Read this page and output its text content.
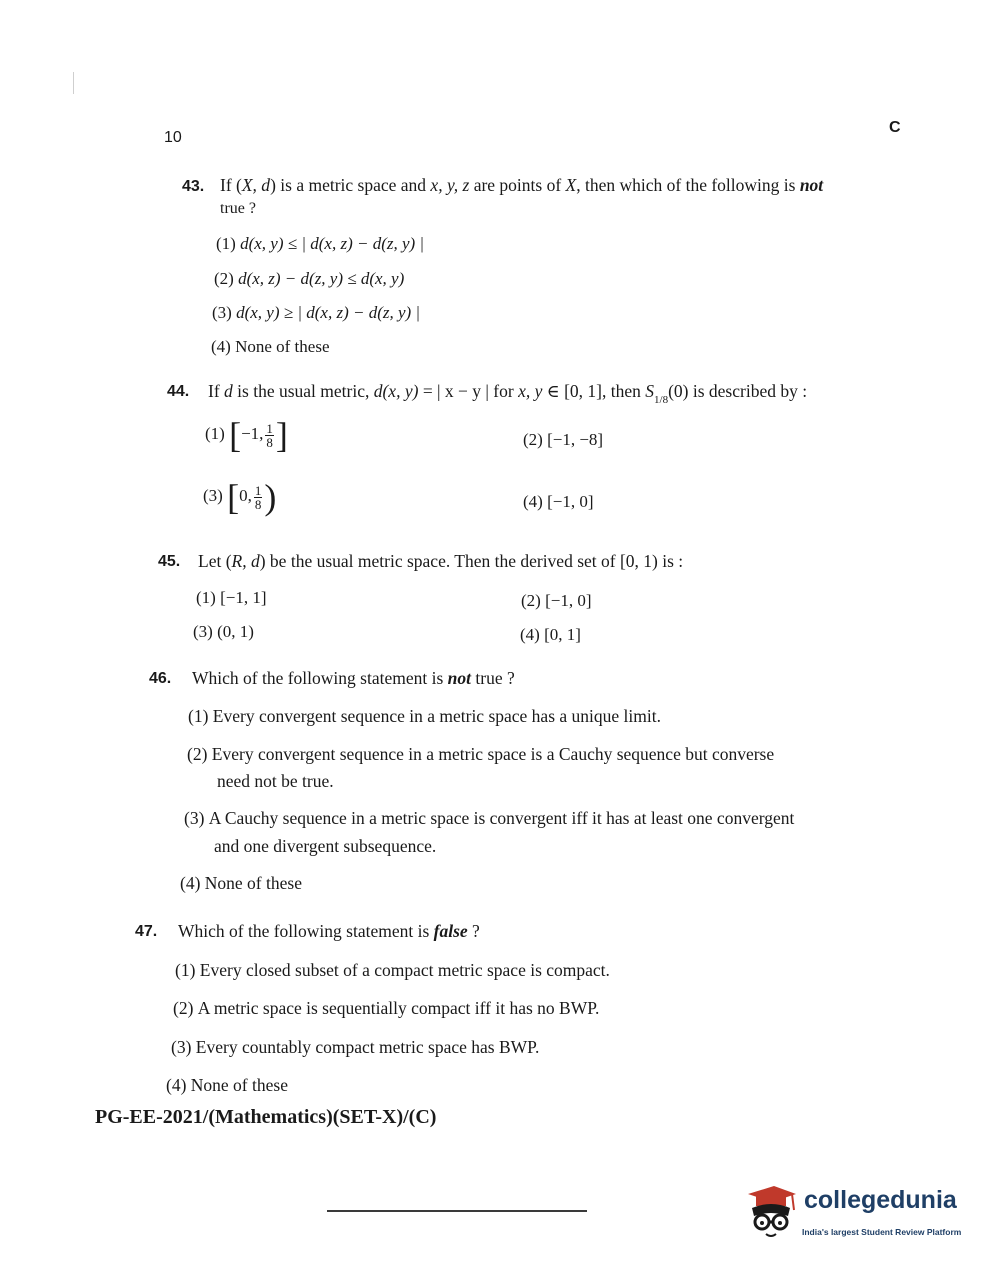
10
C
43. If (X, d) is a metric space and x, y, z are points of X, then which of the following is not
true ?
(1) d(x, y) ≤ | d(x, z) − d(z, y) |
(2) d(x, z) − d(z, y) ≤ d(x, y)
(3) d(x, y) ≥ | d(x, z) − d(z, y) |
(4) None of these
44. If d is the usual metric, d(x, y) = | x − y | for x, y ∈ [0, 1], then $S_{1/8}(0)$ is described by :
(1) [−1, $\frac{1}{8}$ ]	(2) [−1, −8]
(3) [0, $\frac{1}{8}$ )	(4) [−1, 0]
45. Let (R, d) be the usual metric space. Then the derived set of [0, 1) is :
(1) [−1, 1]	(2) [−1, 0]
(3) (0, 1)	(4) [0, 1]
46. Which of the following statement is not true ?
(1) Every convergent sequence in a metric space has a unique limit.
(2) Every convergent sequence in a metric space is a Cauchy sequence but converse
need not be true.
(3) A Cauchy sequence in a metric space is convergent iff it has at least one convergent
and one divergent subsequence.
(4) None of these
47. Which of the following statement is false ?
(1) Every closed subset of a compact metric space is compact.
(2) A metric space is sequentially compact iff it has no BWP.
(3) Every countably compact metric space has BWP.
(4) None of these
PG-EE-2021/(Mathematics)(SET-X)/(C)
collegedunia
India's largest Student Review Platform
